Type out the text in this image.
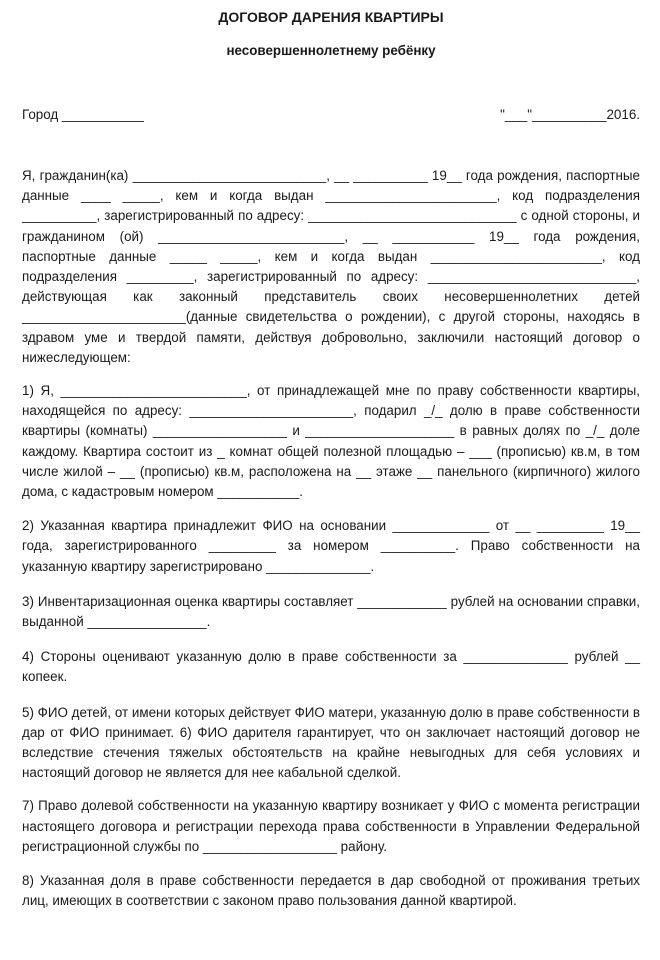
ДОГОВОР ДАРЕНИЯ КВАРТИРЫ
несовершеннолетнему ребёнку
Город ___________	"___"__________2016.

Я, гражданин(ка) __________________________, __ __________ 19__ года рождения, паспортные данные ____ _____, кем и когда выдан _______________________, код подразделения __________, зарегистрированный по адресу: ____________________________ с одной стороны, и гражданином (ой) _________________________, __ ___________ 19__ года рождения, паспортные данные _____ _____, кем и когда выдан _______________________, код подразделения _________, зарегистрированный по адресу: ____________________________, действующая как законный представитель своих несовершеннолетних детей ______________________(данные свидетельства о рождении), с другой стороны, находясь в здравом уме и твердой памяти, действуя добровольно, заключили настоящий договор о нижеследующем:

1) Я, _________________________, от принадлежащей мне по праву собственности квартиры, находящейся по адресу: ______________________, подарил _/_ долю в праве собственности квартиры (комнаты) __________________ и ____________________ в равных долях по _/_ доле каждому. Квартира состоит из _ комнат общей полезной площадью – ___ (прописью) кв.м, в том числе жилой – __ (прописью) кв.м, расположена на __ этаже __ панельного (кирпичного) жилого дома, с кадастровым номером ___________.

2) Указанная квартира принадлежит ФИО на основании _____________ от __ _________ 19__ года, зарегистрированного _________ за номером __________. Право собственности на указанную квартиру зарегистрировано ______________.

3) Инвентаризационная оценка квартиры составляет ____________ рублей на основании справки, выданной ________________.

4) Стороны оценивают указанную долю в праве собственности за ______________ рублей __ копеек.

5) ФИО детей, от имени которых действует ФИО матери, указанную долю в праве собственности в дар от ФИО принимает. 6) ФИО дарителя гарантирует, что он заключает настоящий договор не вследствие стечения тяжелых обстоятельств на крайне невыгодных для себя условиях и настоящий договор не является для нее кабальной сделкой.

7) Право долевой собственности на указанную квартиру возникает у ФИО с момента регистрации настоящего договора и регистрации перехода права собственности в Управлении Федеральной регистрационной службы по __________________ району.

8) Указанная доля в праве собственности передается в дар свободной от проживания третьих лиц, имеющих в соответствии с законом право пользования данной квартирой.
